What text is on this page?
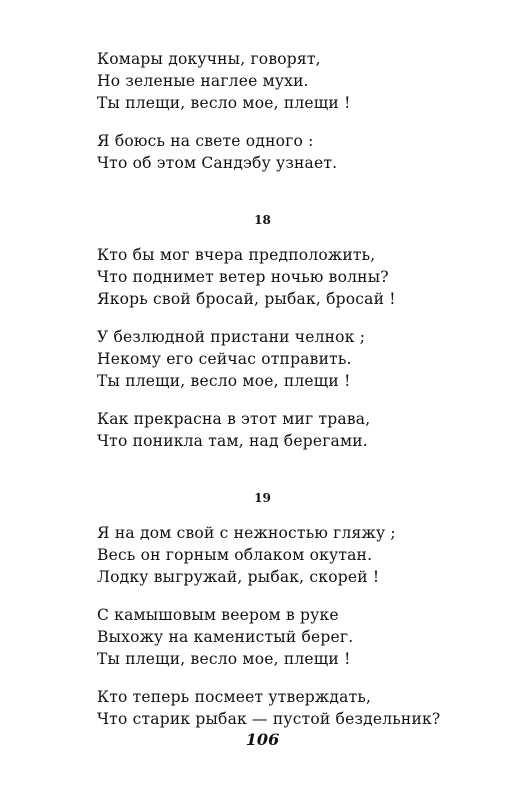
Комары докучны, говорят,
Но зеленые наглее мухи.
Ты плещи, весло мое, плещи !
Я боюсь на свете одного :
Что об этом Сандэбу узнает.
18
Кто бы мог вчера предположить,
Что поднимет ветер ночью волны?
Якорь свой бросай, рыбак, бросай !
У безлюдной пристани челнок ;
Некому его сейчас отправить.
Ты плещи, весло мое, плещи !
Как прекрасна в этот миг трава,
Что поникла там, над берегами.
19
Я на дом свой с нежностью гляжу ;
Весь он горным облаком окутан.
Лодку выгружай, рыбак, скорей !
С камышовым веером в руке
Выхожу на каменистый берег.
Ты плещи, весло мое, плещи !
Кто теперь посмеет утверждать,
Что старик рыбак — пустой бездельник?
106
